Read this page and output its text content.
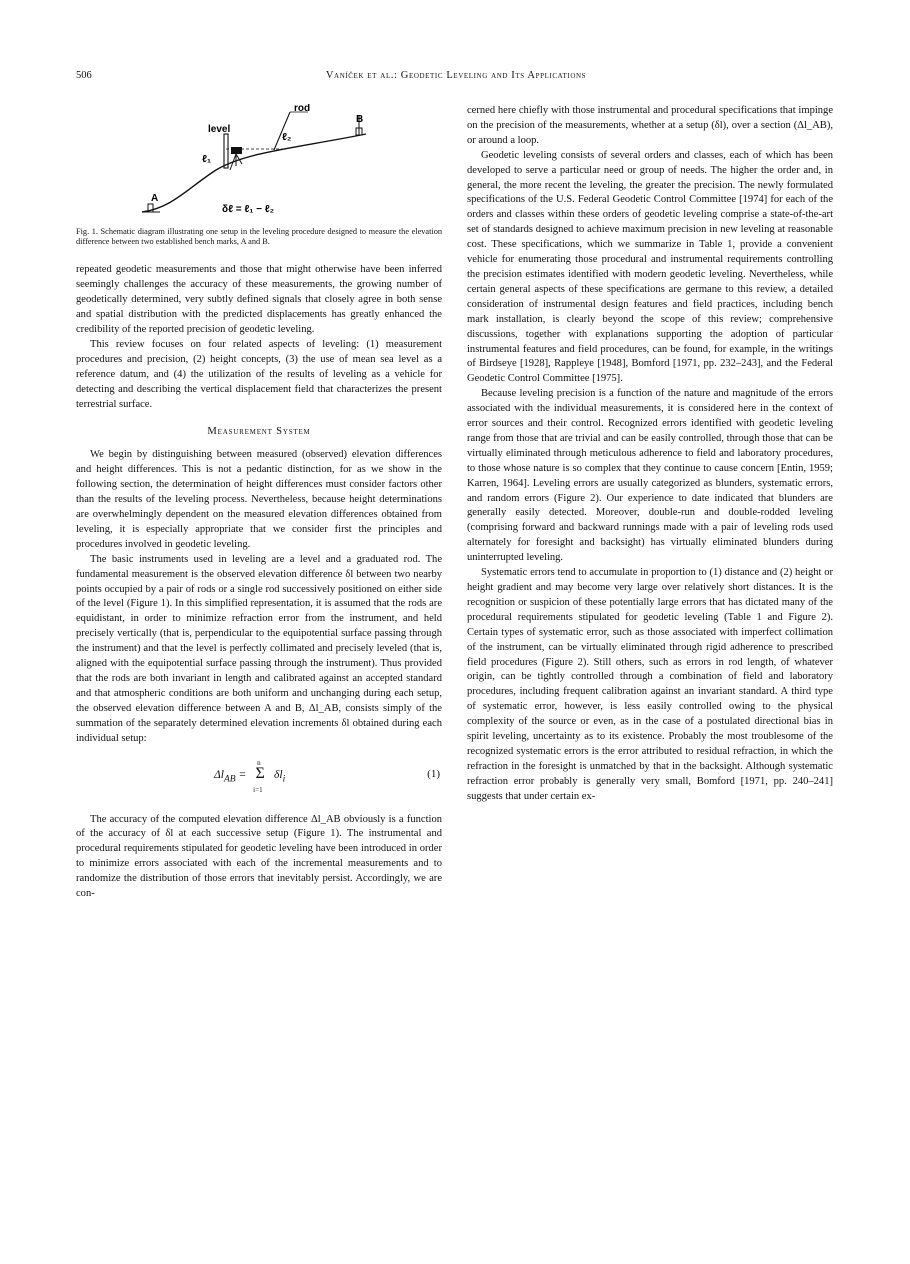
506	Vaníček et al.: Geodetic Leveling and Its Applications
level
rod
B
A
ℓ₁
ℓ₂
δℓ = ℓ₁ − ℓ₂
Fig. 1. Schematic diagram illustrating one setup in the leveling procedure designed to measure the elevation difference between two established bench marks, A and B.

repeated geodetic measurements and those that might otherwise have been inferred seemingly challenges the accuracy of these measurements, the growing number of geodetically determined, very subtly defined signals that closely agree in both sense and spatial distribution with the predicted displacements has greatly enhanced the credibility of the reported precision of geodetic leveling.

This review focuses on four related aspects of leveling: (1) measurement procedures and precision, (2) height concepts, (3) the use of mean sea level as a reference datum, and (4) the utilization of the results of leveling as a vehicle for detecting and describing the vertical displacement field that characterizes the present terrestrial surface.

Measurement System

We begin by distinguishing between measured (observed) elevation differences and height differences. This is not a pedantic distinction, for as we show in the following section, the determination of height differences must consider factors other than the results of the leveling process. Nevertheless, because height determinations are overwhelmingly dependent on the measured elevation differences obtained from leveling, it is especially appropriate that we consider first the principles and procedures involved in geodetic leveling.

The basic instruments used in leveling are a level and a graduated rod. The fundamental measurement is the observed elevation difference δl between two nearby points occupied by a pair of rods or a single rod successively positioned on either side of the level (Figure 1). In this simplified representation, it is assumed that the rods are equidistant, in order to minimize refraction error from the instrument, and held precisely vertically (that is, perpendicular to the equipotential surface passing through the instrument) and that the level is perfectly collimated and precisely leveled (that is, aligned with the equipotential surface passing through the instrument). Thus provided that the rods are both invariant in length and calibrated against an accepted standard and that atmospheric conditions are both uniform and unchanging during each setup, the observed elevation difference between A and B, Δl_AB, consists simply of the summation of the separately determined elevation increments δl obtained during each individual setup:

$\Delta l_{AB}$ =
n
Σ
i=1
$\delta l_i$	(1)

The accuracy of the computed elevation difference Δl_AB obviously is a function of the accuracy of δl at each successive setup (Figure 1). The instrumental and procedural requirements stipulated for geodetic leveling have been introduced in order to minimize errors associated with each of the incremental measurements and to randomize the distribution of those errors that inevitably persist. Accordingly, we are con-

cerned here chiefly with those instrumental and procedural specifications that impinge on the precision of the measurements, whether at a setup (δl), over a section (Δl_AB), or around a loop.

Geodetic leveling consists of several orders and classes, each of which has been developed to serve a particular need or group of needs. The higher the order and, in general, the more recent the leveling, the greater the precision. The newly formulated specifications of the U.S. Federal Geodetic Control Committee [1974] for each of the orders and classes within these orders of geodetic leveling comprise a state-of-the-art set of standards designed to achieve maximum precision in new leveling at reasonable cost. These specifications, which we summarize in Table 1, provide a convenient vehicle for enumerating those procedural and instrumental requirements controlling the precision estimates identified with modern geodetic leveling. Nevertheless, while certain general aspects of these specifications are germane to this review, a detailed consideration of instrumental design features and field practices, including bench mark installation, is clearly beyond the scope of this review; comprehensive discussions, together with explanations supporting the adoption of particular instrumental features and field procedures, can be found, for example, in the writings of Birdseye [1928], Rappleye [1948], Bomford [1971, pp. 232–243], and the Federal Geodetic Control Committee [1975].

Because leveling precision is a function of the nature and magnitude of the errors associated with the individual measurements, it is considered here in the context of error sources and their control. Recognized errors identified with geodetic leveling range from those that are trivial and can be easily controlled, through those that can be virtually eliminated through meticulous adherence to field and laboratory procedures, to those whose nature is so complex that they continue to cause concern [Entin, 1959; Karren, 1964]. Leveling errors are usually categorized as blunders, systematic errors, and random errors (Figure 2). Our experience to date indicated that blunders are generally easily detected. Moreover, double-run and double-rodded leveling (comprising forward and backward runnings made with a pair of leveling rods used alternately for foresight and backsight) has virtually eliminated blunders during uninterrupted leveling.

Systematic errors tend to accumulate in proportion to (1) distance and (2) height or height gradient and may become very large over relatively short distances. It is the recognition or suspicion of these potentially large errors that has dictated many of the procedural requirements stipulated for geodetic leveling (Table 1 and Figure 2). Certain types of systematic error, such as those associated with imperfect collimation of the instrument, can be virtually eliminated through rigid adherence to prescribed field procedures (Figure 2). Still others, such as errors in rod length, of whatever origin, can be tightly controlled through a combination of field and laboratory procedures, including frequent calibration against an invariant standard. A third type of systematic error, however, is less easily controlled owing to the physical complexity of the source or even, as in the case of a postulated directional bias in spirit leveling, uncertainty as to its existence. Probably the most troublesome of the recognized systematic errors is the error attributed to residual refraction, in which the refraction in the foresight is unmatched by that in the backsight. Although systematic refraction error probably is generally very small, Bomford [1971, pp. 240–241] suggests that under certain ex-
